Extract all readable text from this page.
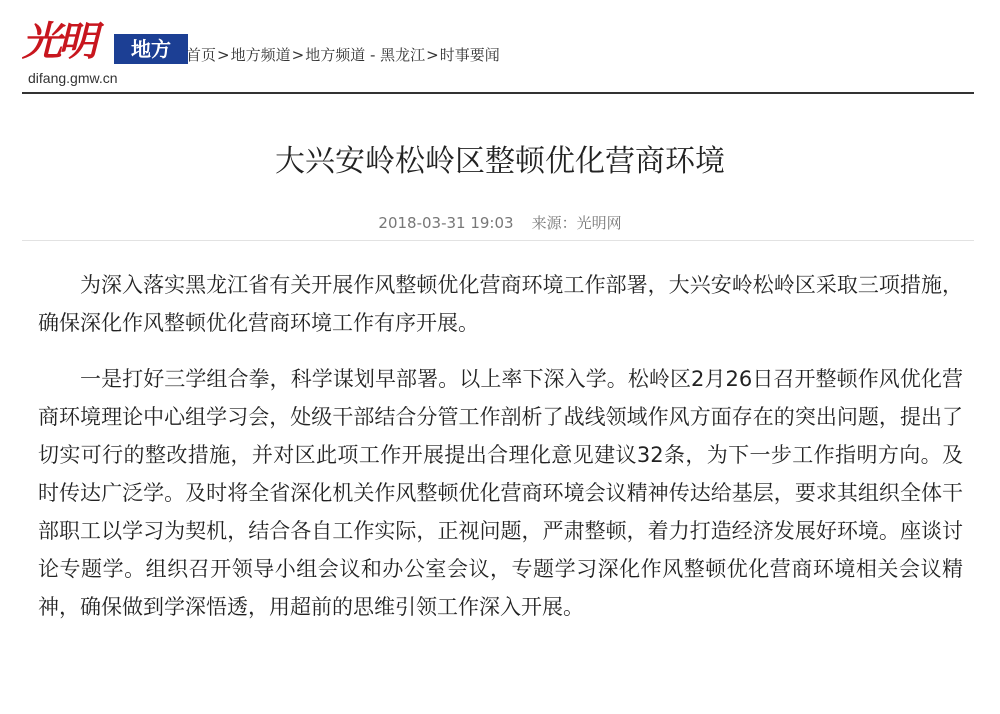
光明	地方
difang.gmw.cn
首页>地方频道>地方频道 - 黑龙江>时事要闻
大兴安岭松岭区整顿优化营商环境
2018-03-31 19:03 来源：光明网

为深入落实黑龙江省有关开展作风整顿优化营商环境工作部署，大兴安岭松岭区采取三项措施，确保深化作风整顿优化营商环境工作有序开展。

一是打好三学组合拳，科学谋划早部署。以上率下深入学。松岭区2月26日召开整顿作风优化营商环境理论中心组学习会，处级干部结合分管工作剖析了战线领域作风方面存在的突出问题，提出了切实可行的整改措施，并对区此项工作开展提出合理化意见建议32条，为下一步工作指明方向。及时传达广泛学。及时将全省深化机关作风整顿优化营商环境会议精神传达给基层，要求其组织全体干部职工以学习为契机，结合各自工作实际，正视问题，严肃整顿，着力打造经济发展好环境。座谈讨论专题学。组织召开领导小组会议和办公室会议，专题学习深化作风整顿优化营商环境相关会议精神，确保做到学深悟透，用超前的思维引领工作深入开展。
